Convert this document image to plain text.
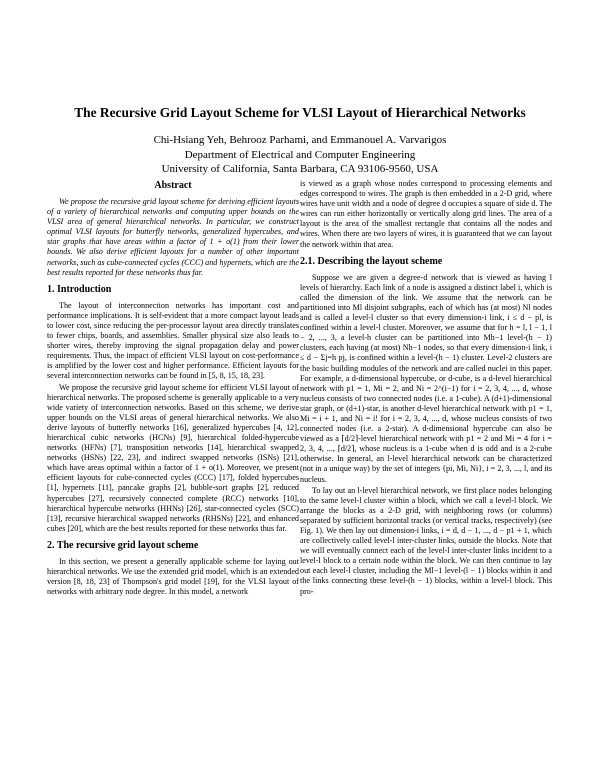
The Recursive Grid Layout Scheme for VLSI Layout of Hierarchical Networks
Chi-Hsiang Yeh, Behrooz Parhami, and Emmanouel A. Varvarigos
Department of Electrical and Computer Engineering
University of California, Santa Barbara, CA 93106-9560, USA
Abstract

We propose the recursive grid layout scheme for deriving efficient layouts of a variety of hierarchical networks and computing upper bounds on the VLSI area of general hierarchical networks. In particular, we construct optimal VLSI layouts for butterfly networks, generalized hypercubes, and star graphs that have areas within a factor of 1 + o(1) from their lower bounds. We also derive efficient layouts for a number of other important networks, such as cube-connected cycles (CCC) and hypernets, which are the best results reported for these networks thus far.

1. Introduction

The layout of interconnection networks has important cost and performance implications. It is self-evident that a more compact layout leads to lower cost, since reducing the per-processor layout area directly translates to fewer chips, boards, and assemblies. Smaller physical size also leads to shorter wires, thereby improving the signal propagation delay and power requirements. Thus, the impact of efficient VLSI layout on cost-performance is amplified by the lower cost and higher performance. Efficient layouts for several interconnection networks can be found in [5, 8, 15, 18, 23].

We propose the recursive grid layout scheme for efficient VLSI layout of hierarchical networks. The proposed scheme is generally applicable to a very wide variety of interconnection networks. Based on this scheme, we derive upper bounds on the VLSI areas of general hierarchical networks. We also derive layouts of butterfly networks [16], generalized hypercubes [4, 12], hierarchical cubic networks (HCNs) [9], hierarchical folded-hypercube networks (HFNs) [7], transposition networks [14], hierarchical swapped networks (HSNs) [22, 23], and indirect swapped networks (ISNs) [21], which have areas optimal within a factor of 1 + o(1). Moreover, we present efficient layouts for cube-connected cycles (CCC) [17], folded hypercubes [1], hypernets [11], pancake graphs [2], bubble-sort graphs [2], reduced hypercubes [27], recursively connected complete (RCC) networks [10], hierarchical hypercube networks (HHNs) [26], star-connected cycles (SCC) [13], recursive hierarchical swapped networks (RHSNs) [22], and enhanced cubes [20], which are the best results reported for these networks thus far.

2. The recursive grid layout scheme

In this section, we present a generally applicable scheme for laying out hierarchical networks. We use the extended grid model, which is an extended version [8, 18, 23] of Thompson's grid model [19], for the VLSI layout of networks with arbitrary node degree. In this model, a network

is viewed as a graph whose nodes correspond to processing elements and edges correspond to wires. The graph is then embedded in a 2-D grid, where wires have unit width and a node of degree d occupies a square of side d. The wires can run either horizontally or vertically along grid lines. The area of a layout is the area of the smallest rectangle that contains all the nodes and wires. When there are two layers of wires, it is guaranteed that we can layout the network within that area.

2.1. Describing the layout scheme

Suppose we are given a degree-d network that is viewed as having l levels of hierarchy. Each link of a node is assigned a distinct label i, which is called the dimension of the link. We assume that the network can be partitioned into Ml disjoint subgraphs, each of which has (at most) Nl nodes and is called a level-l cluster so that every dimension-i link, i ≤ d − pl, is confined within a level-l cluster. Moreover, we assume that for h = l, l − 1, l − 2, ..., 3, a level-h cluster can be partitioned into Mh−1 level-(h − 1) clusters, each having (at most) Nh−1 nodes, so that every dimension-i link, i ≤ d − Σj=h pj, is confined within a level-(h − 1) cluster. Level-2 clusters are the basic building modules of the network and are called nuclei in this paper. For example, a d-dimensional hypercube, or d-cube, is a d-level hierarchical network with p1 = 1, Mi = 2, and Ni = 2^(i−1) for i = 2, 3, 4, ..., d, whose nucleus consists of two connected nodes (i.e. a 1-cube). A (d+1)-dimensional star graph, or (d+1)-star, is another d-level hierarchical network with p1 = 1, Mi = i + 1, and Ni = i! for i = 2, 3, 4, ..., d, whose nucleus consists of two connected nodes (i.e. a 2-star). A d-dimensional hypercube can also be viewed as a ⌈d/2⌉-level hierarchical network with p1 = 2 and Mi = 4 for i = 2, 3, 4, ..., ⌈d/2⌉, whose nucleus is a 1-cube when d is odd and is a 2-cube otherwise. In general, an l-level hierarchical network can be characterized (not in a unique way) by the set of integers {pi, Mi, Ni}, i = 2, 3, ..., l, and its nucleus.

To lay out an l-level hierarchical network, we first place nodes belonging to the same level-l cluster within a block, which we call a level-l block. We arrange the blocks as a 2-D grid, with neighboring rows (or columns) separated by sufficient horizontal tracks (or vertical tracks, respectively) (see Fig. 1). We then lay out dimension-i links, i = d, d − 1, ..., d − p1 + 1, which are collectively called level-l inter-cluster links, outside the blocks. Note that we will eventually connect each of the level-l inter-cluster links incident to a level-l block to a certain node within the block. We can then continue to lay out each level-l cluster, including the Ml−1 level-(l − 1) blocks within it and the links connecting these level-(h − 1) blocks, within a level-l block. This pro-
